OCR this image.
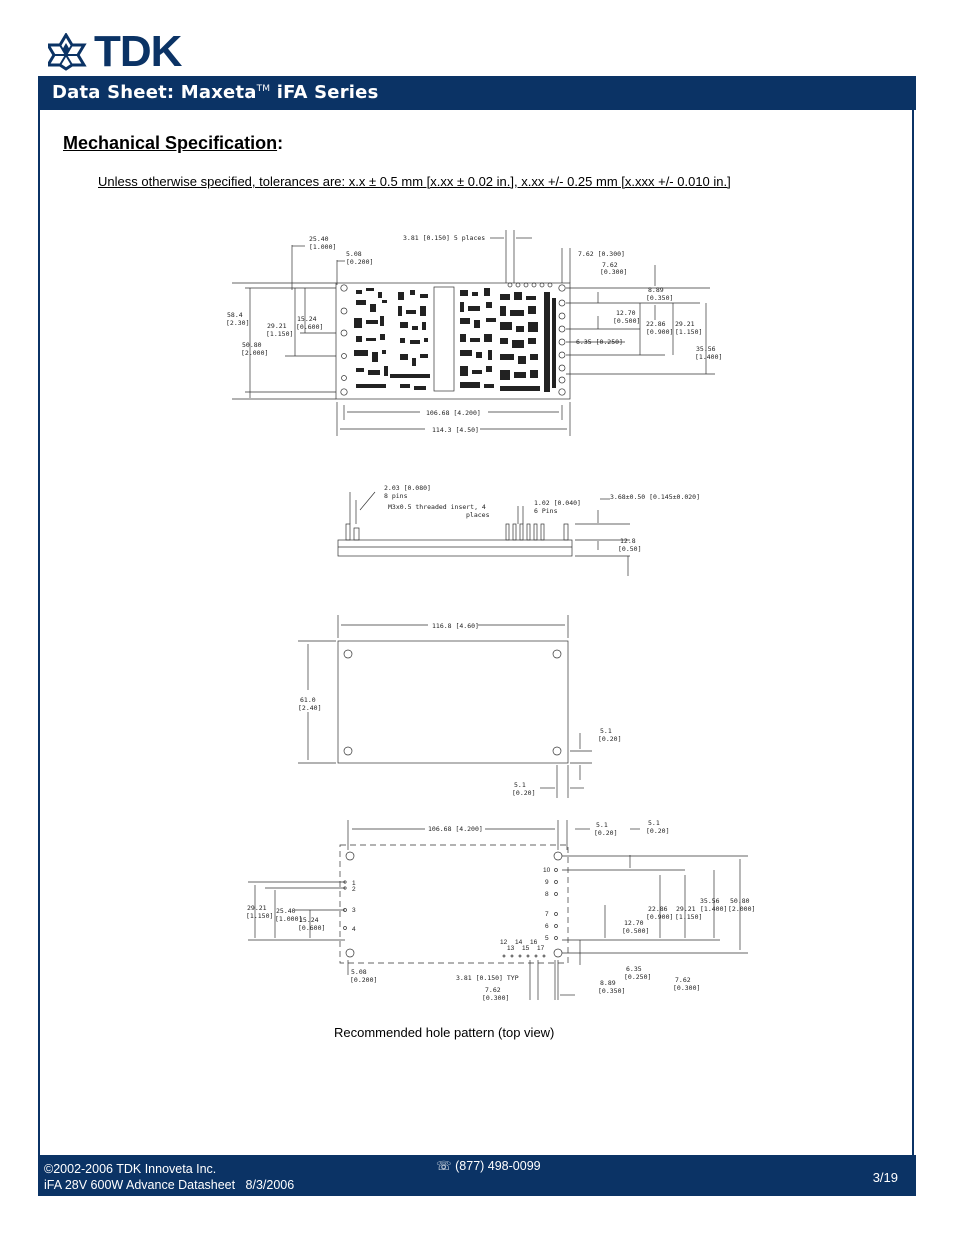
TDK
Data Sheet: Maxeta™ iFA Series
Mechanical Specification:
Unless otherwise specified, tolerances are: x.x ± 0.5 mm [x.xx ± 0.02 in.], x.xx +/- 0.25 mm [x.xxx +/- 0.010 in.]
25.40
[1.000]
5.08
[0.200]
3.81 [0.150] 5 places
7.62 [0.300]
7.62
[0.300]
8.89
[0.350]
58.4
[2.30]	29.21
[1.150]
15.24
[0.600]
50.80
[2.000]
12.70
[0.500] 22.86
[0.900]
29.21
[1.150]
6.35 [0.250]
35.56
[1.400]
106.68 [4.200]
114.3 [4.50]
2.03 [0.080]
8 pins
M3x0.5 threaded insert, 4
places
1.02 [0.040]
6 Pins
3.68±0.50 [0.145±0.020]
12.8
[0.50]
116.8 [4.60]
61.0
[2.40]
5.1
[0.20]
5.1
[0.20]
106.68 [4.200]	5.1
[0.20]
5.1
[0.20]
29.21
[1.150]
25.40
[1.000]
15.24
[0.600]
5.08
[0.200]	3.81 [0.150] TYP
7.62
[0.300]
35.56
[1.400]
50.80
[2.000]
22.86
[0.900]
29.21
[1.150]
12.70
[0.500]
6.35
[0.250]
8.89
[0.350]
7.62
[0.300]
1
2
3
4
10
9
8
7
6
5
12 14 16
13 15 17
Recommended hole pattern (top view)
©2002-2006 TDK Innoveta Inc.
iFA 28V 600W Advance Datasheet   8/3/2006
☏ (877) 498-0099
3/19
